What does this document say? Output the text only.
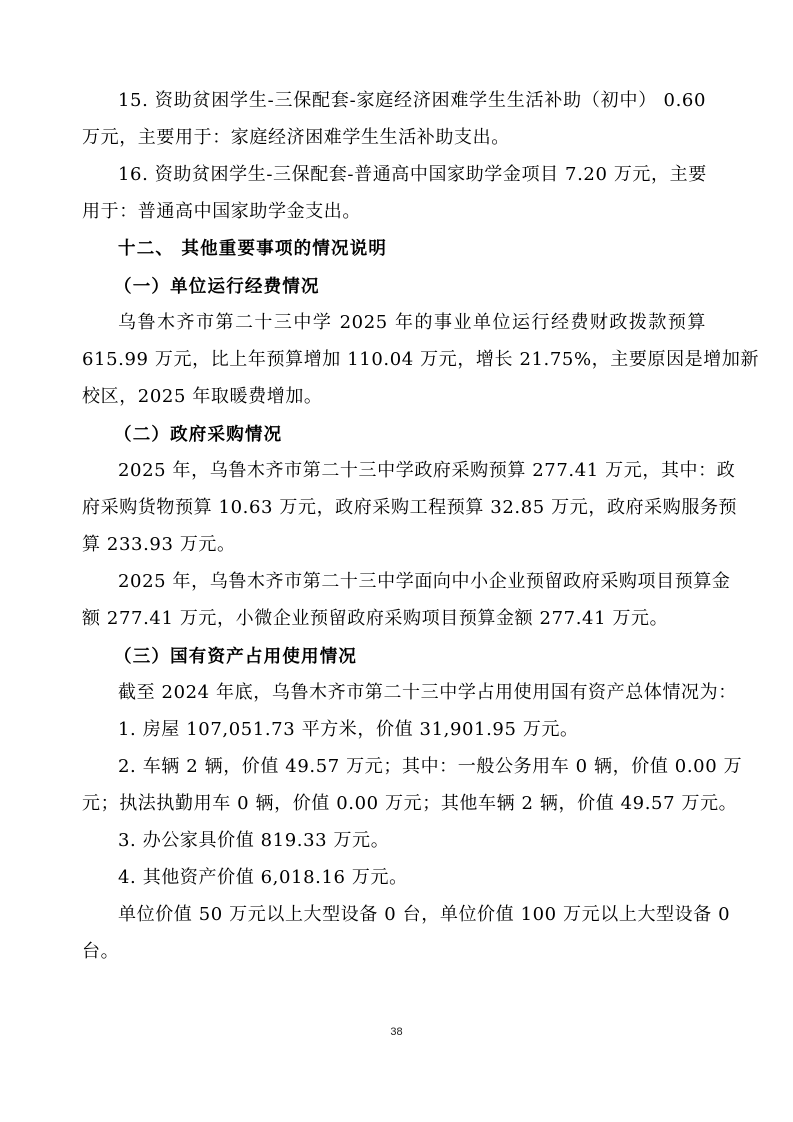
15. 资助贫困学生-三保配套-家庭经济困难学生生活补助（初中） 0.60
万元，主要用于：家庭经济困难学生生活补助支出。
16. 资助贫困学生-三保配套-普通高中国家助学金项目 7.20 万元，主要
用于：普通高中国家助学金支出。
十二、 其他重要事项的情况说明
（一）单位运行经费情况
乌鲁木齐市第二十三中学 2025 年的事业单位运行经费财政拨款预算
615.99 万元，比上年预算增加 110.04 万元，增长 21.75%，主要原因是增加新
校区，2025 年取暖费增加。
（二）政府采购情况
2025 年，乌鲁木齐市第二十三中学政府采购预算 277.41 万元，其中：政
府采购货物预算 10.63 万元，政府采购工程预算 32.85 万元，政府采购服务预
算 233.93 万元。
2025 年，乌鲁木齐市第二十三中学面向中小企业预留政府采购项目预算金
额 277.41 万元，小微企业预留政府采购项目预算金额 277.41 万元。
（三）国有资产占用使用情况
截至 2024 年底，乌鲁木齐市第二十三中学占用使用国有资产总体情况为：
1. 房屋 107,051.73 平方米，价值 31,901.95 万元。
2. 车辆 2 辆，价值 49.57 万元；其中：一般公务用车 0 辆，价值 0.00 万
元；执法执勤用车 0 辆，价值 0.00 万元；其他车辆 2 辆，价值 49.57 万元。
3. 办公家具价值 819.33 万元。
4. 其他资产价值 6,018.16 万元。
单位价值 50 万元以上大型设备 0 台，单位价值 100 万元以上大型设备 0
台。
38
